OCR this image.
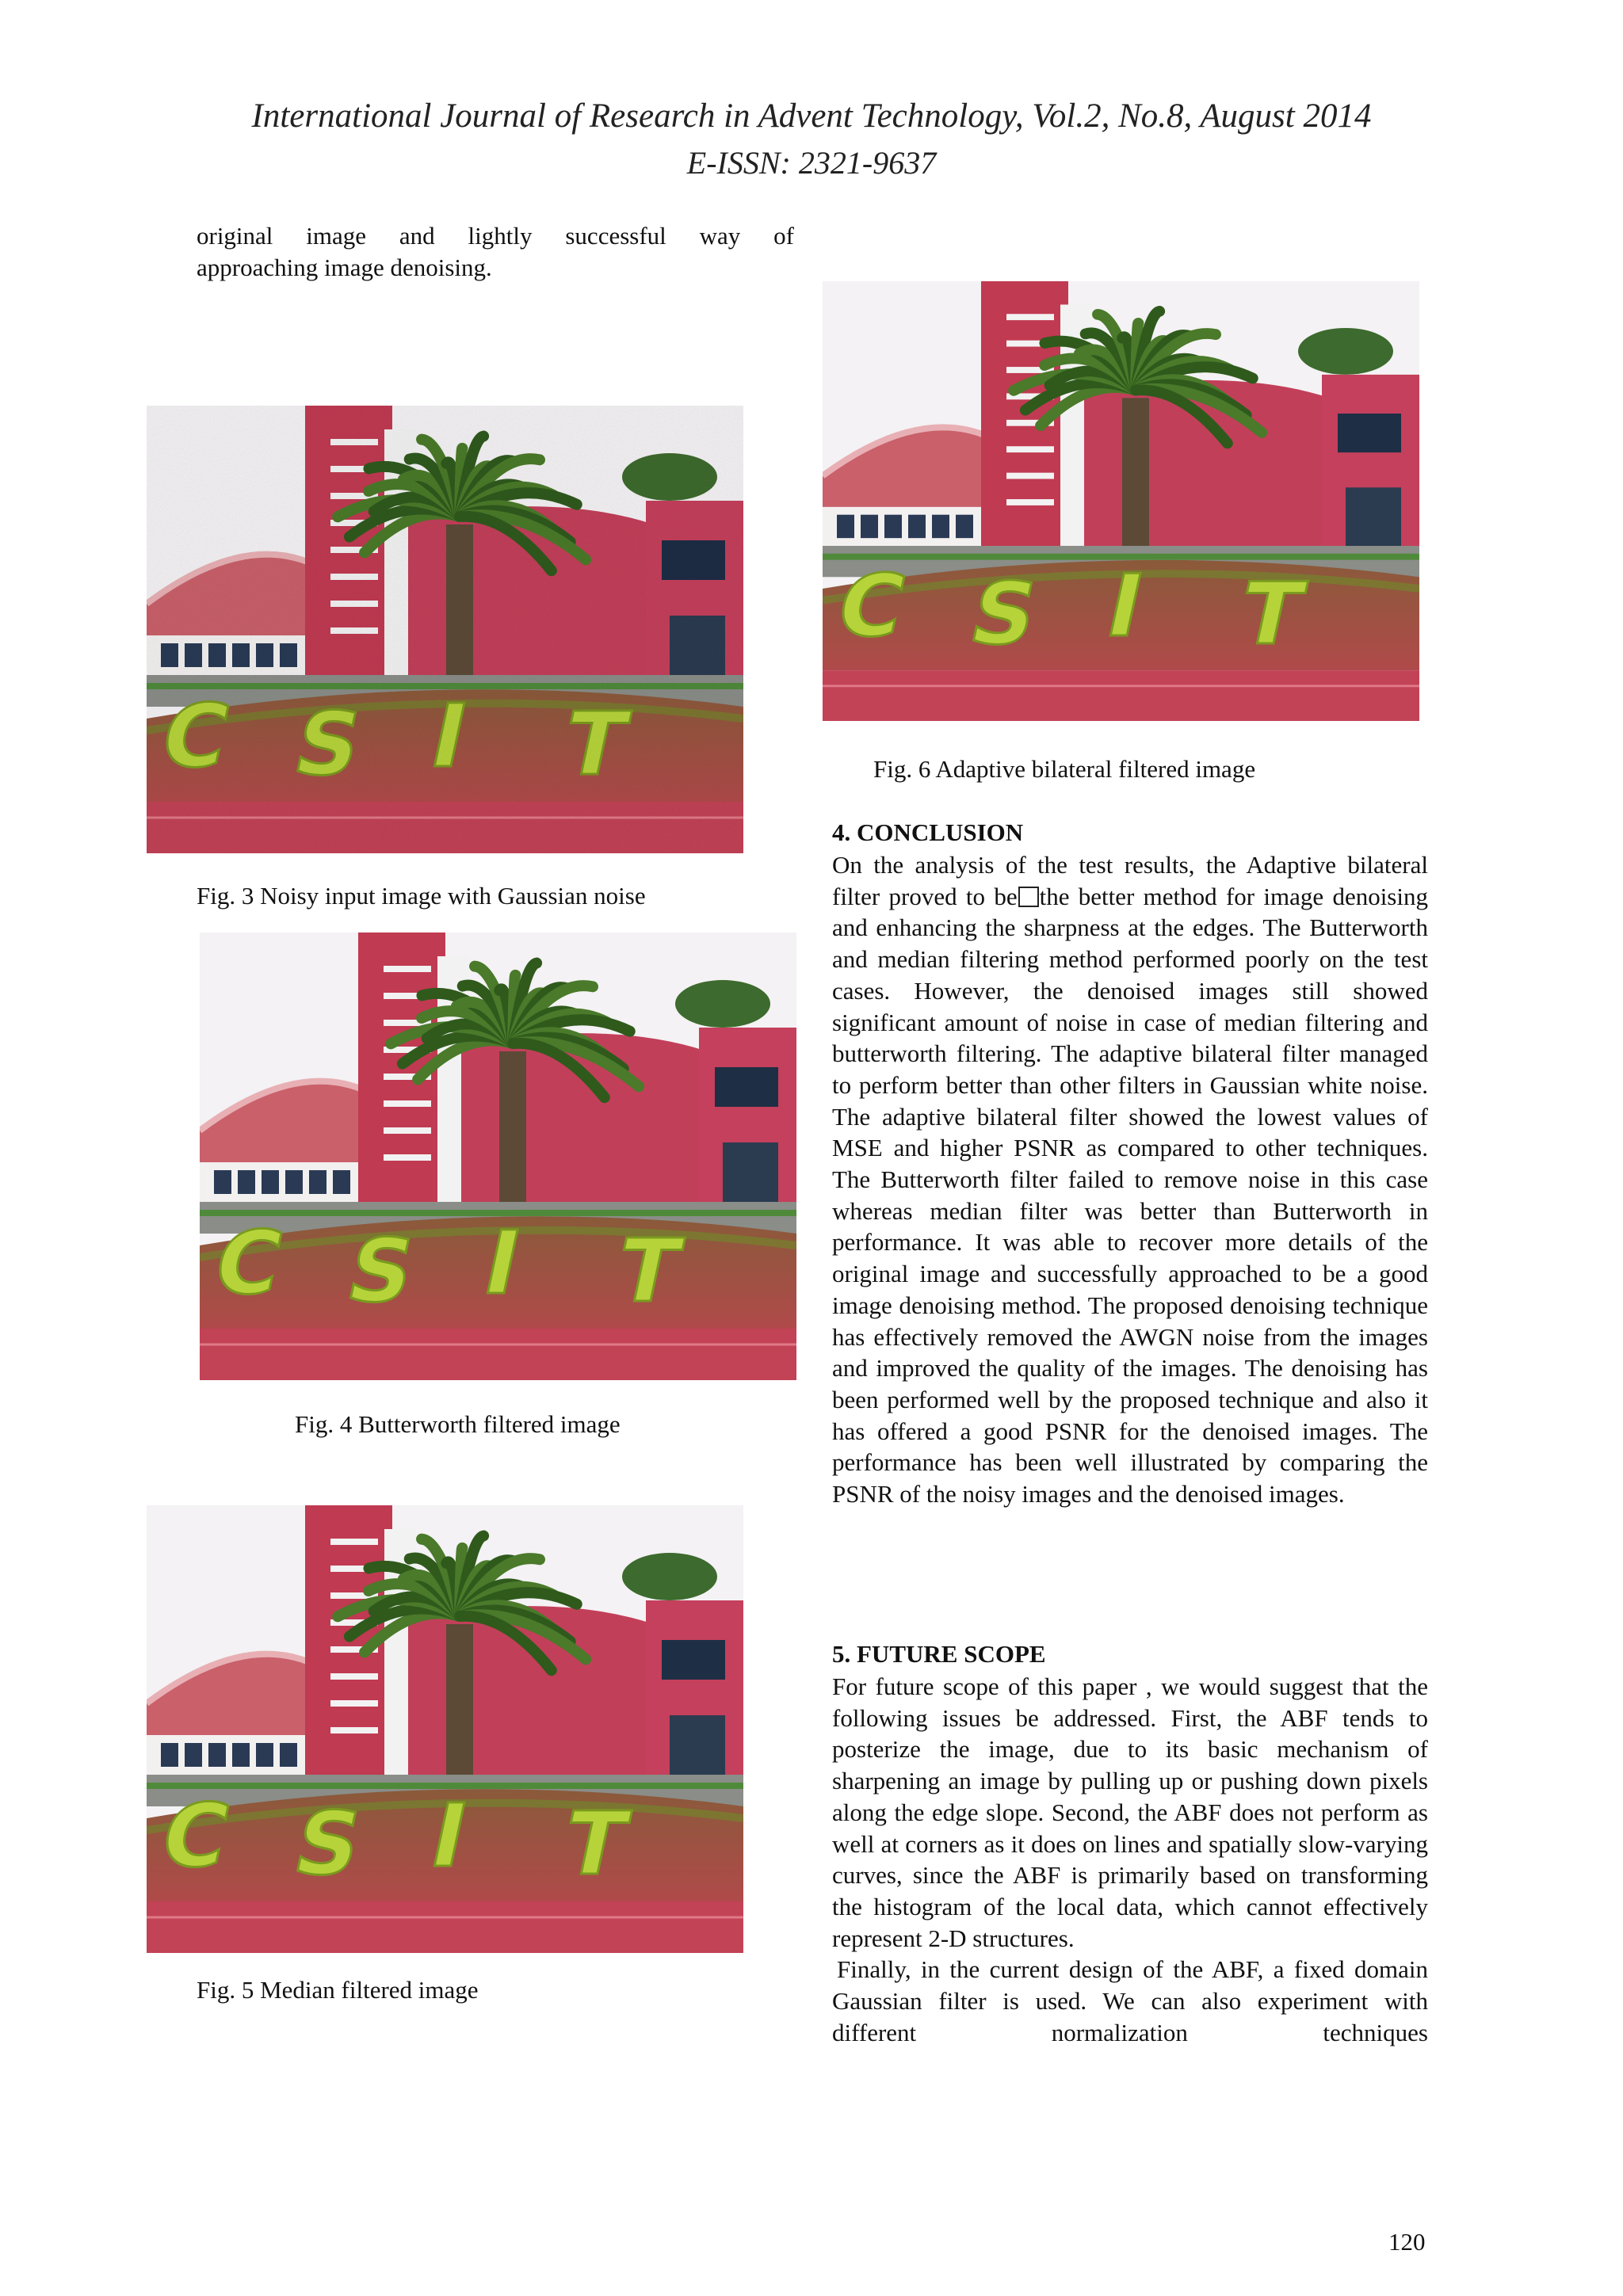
International Journal of Research in Advent Technology, Vol.2, No.8, August 2014
E-ISSN: 2321-9637

original image and lightly successful way of

approaching image denoising.

C S I T
Fig. 3 Noisy input image with Gaussian noise
C S I T
Fig. 4 Butterworth filtered image
C S I T
Fig. 5 Median filtered image
C S I T
Fig. 6 Adaptive bilateral filtered image
4. CONCLUSION

On the analysis of the test results, the Adaptive bilateral filter proved to be the better method for image denoising and enhancing the sharpness at the edges. The Butterworth and median filtering method performed poorly on the test cases. However, the denoised images still showed significant amount of noise in case of median filtering and butterworth filtering. The adaptive bilateral filter managed to perform better than other filters in Gaussian white noise. The adaptive bilateral filter showed the lowest values of MSE and higher PSNR as compared to other techniques. The Butterworth filter failed to remove noise in this case whereas median filter was better than Butterworth in performance. It was able to recover more details of the original image and successfully approached to be a good image denoising method. The proposed denoising technique has effectively removed the AWGN noise from the images and improved the quality of the images. The denoising has been performed well by the proposed technique and also it has offered a good PSNR for the denoised images. The performance has been well illustrated by comparing the PSNR of the noisy images and the denoised images.

5. FUTURE SCOPE

For future scope of this paper , we would suggest that the following issues be addressed. First, the ABF tends to posterize the image, due to its basic mechanism of sharpening an image by pulling up or pushing down pixels along the edge slope. Second, the ABF does not perform as well at corners as it does on lines and spatially slow-varying curves, since the ABF is primarily based on transforming the histogram of the local data, which cannot effectively represent 2-D structures.

Finally, in the current design of the ABF, a fixed domain Gaussian filter is used. We can also experiment with different normalization techniques

120
